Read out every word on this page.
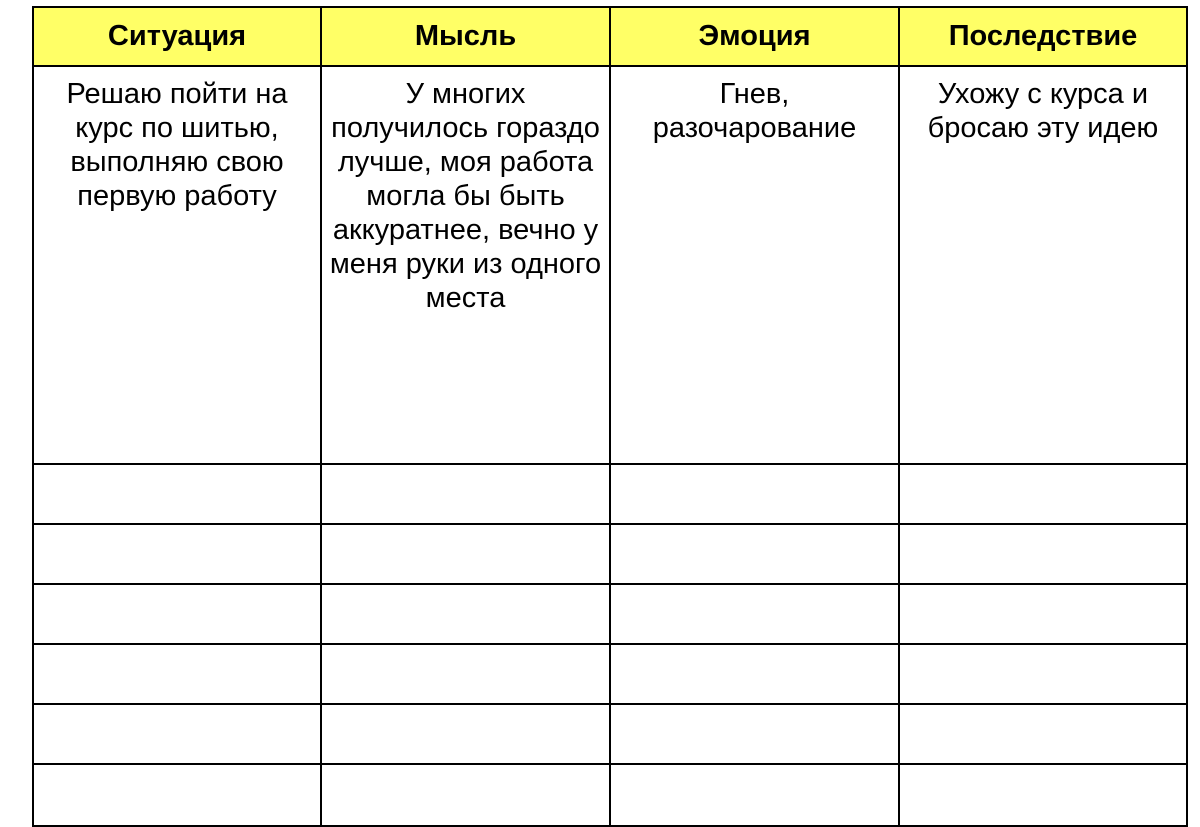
Ситуация	Мысль	Эмоция	Последствие

Решаю пойти на курс по шитью, выполняю свою первую работу	У многих получилось гораздо лучше, моя работа могла бы быть аккуратнее, вечно у меня руки из одного места	Гнев, разочарование	Ухожу с курса и бросаю эту идею
